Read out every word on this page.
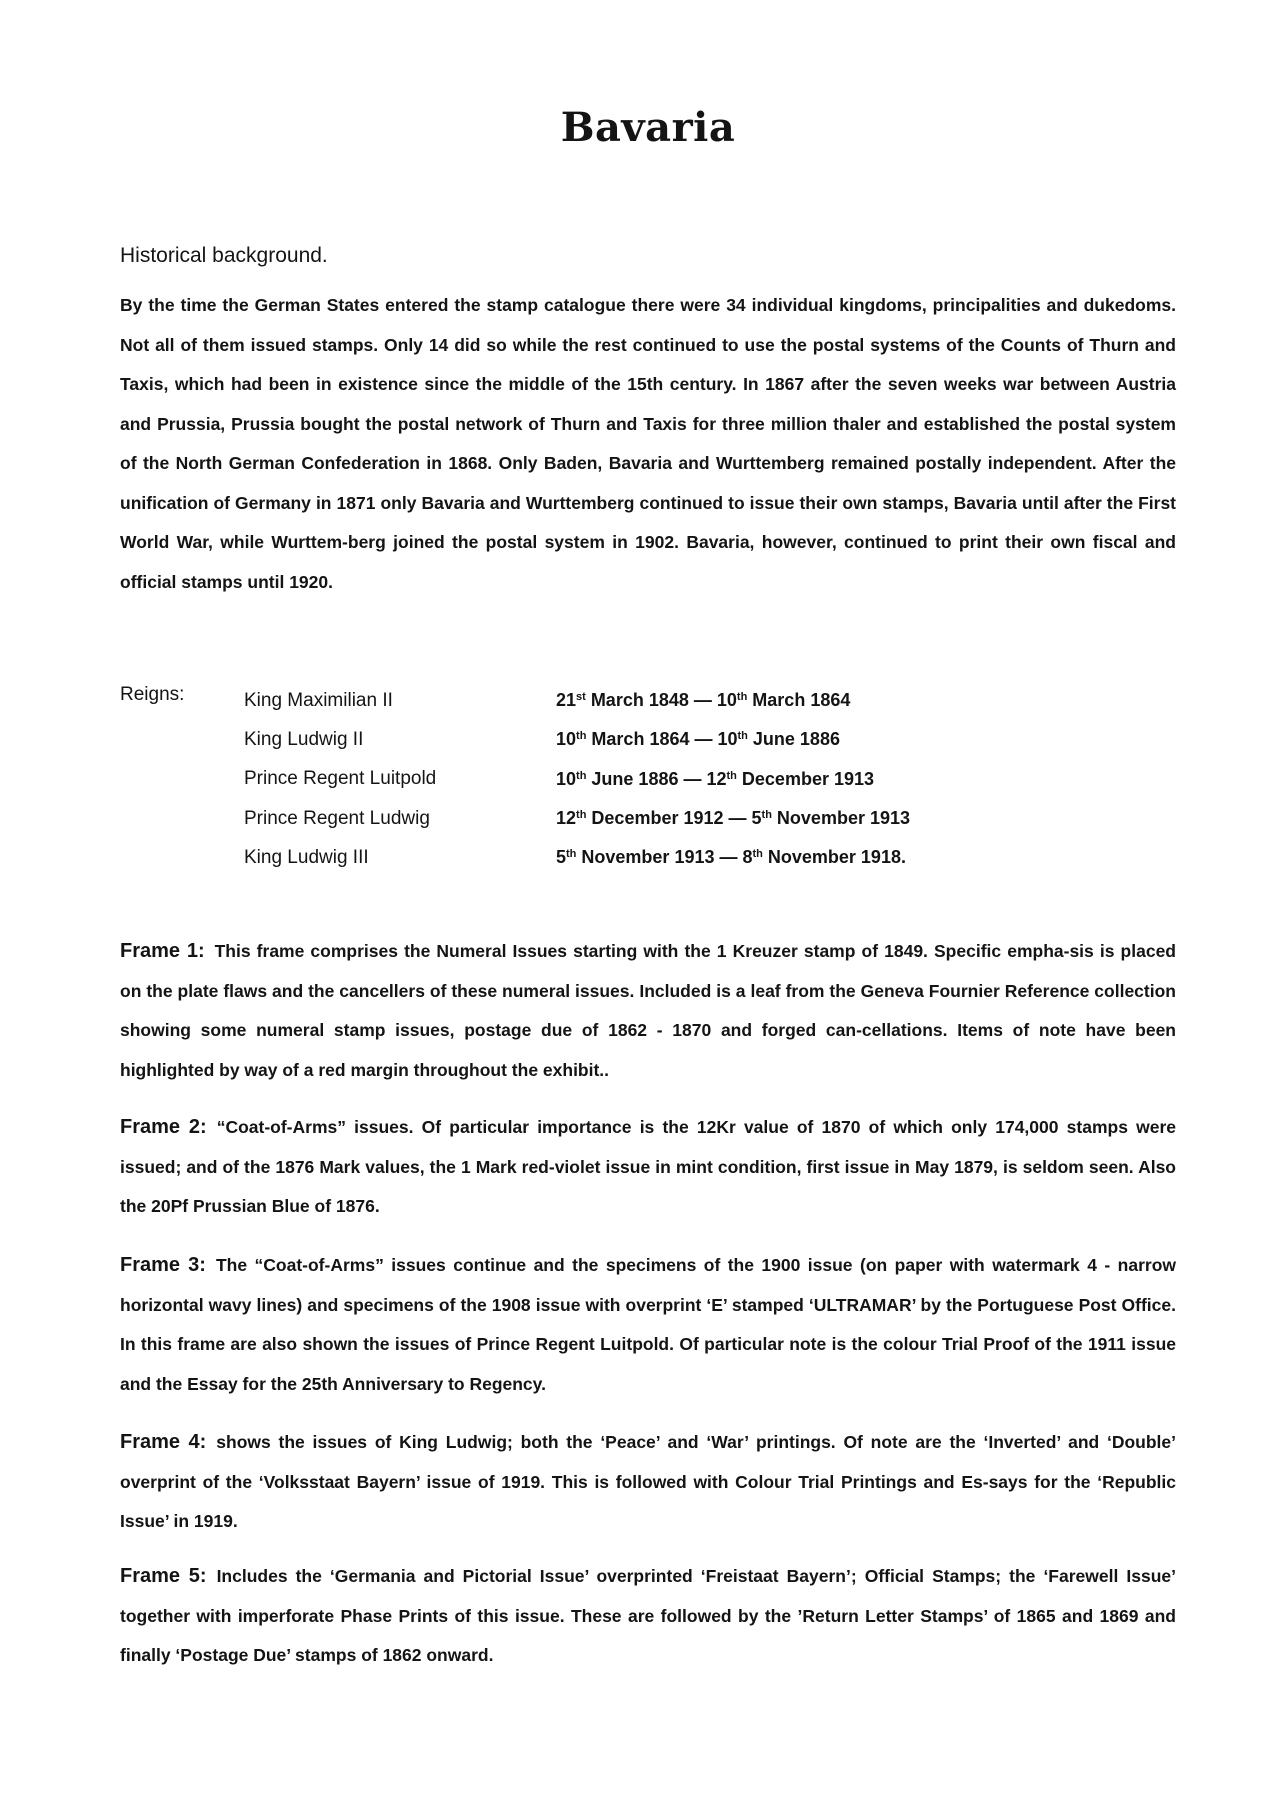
Bavaria
Historical background.

By the time the German States entered the stamp catalogue there were 34 individual kingdoms, principalities and dukedoms. Not all of them issued stamps. Only 14 did so while the rest continued to use the postal systems of the Counts of Thurn and Taxis, which had been in existence since the middle of the 15th century. In 1867 after the seven weeks war between Austria and Prussia, Prussia bought the postal network of Thurn and Taxis for three million thaler and established the postal system of the North German Confederation in 1868. Only Baden, Bavaria and Wurttemberg remained postally independent. After the unification of Germany in 1871 only Bavaria and Wurttemberg continued to issue their own stamps, Bavaria until after the First World War, while Wurttem-berg joined the postal system in 1902. Bavaria, however, continued to print their own fiscal and official stamps until 1920.

Reigns:	King Maximilian II	21st March 1848 — 10th March 1864
King Ludwig II	10th March 1864 — 10th June 1886
Prince Regent Luitpold	10th June 1886 — 12th December 1913
Prince Regent Ludwig	12th December 1912 — 5th November 1913
King Ludwig III	5th November 1913 — 8th November 1918.

Frame 1: This frame comprises the Numeral Issues starting with the 1 Kreuzer stamp of 1849. Specific empha-sis is placed on the plate flaws and the cancellers of these numeral issues. Included is a leaf from the Geneva Fournier Reference collection showing some numeral stamp issues, postage due of 1862 - 1870 and forged can-cellations. Items of note have been highlighted by way of a red margin throughout the exhibit..

Frame 2: “Coat-of-Arms” issues. Of particular importance is the 12Kr value of 1870 of which only 174,000 stamps were issued; and of the 1876 Mark values, the 1 Mark red-violet issue in mint condition, first issue in May 1879, is seldom seen. Also the 20Pf Prussian Blue of 1876.

Frame 3: The “Coat-of-Arms” issues continue and the specimens of the 1900 issue (on paper with watermark 4 - narrow horizontal wavy lines) and specimens of the 1908 issue with overprint ‘E’ stamped ‘ULTRAMAR’ by the Portuguese Post Office. In this frame are also shown the issues of Prince Regent Luitpold. Of particular note is the colour Trial Proof of the 1911 issue and the Essay for the 25th Anniversary to Regency.

Frame 4: shows the issues of King Ludwig; both the ‘Peace’ and ‘War’ printings. Of note are the ‘Inverted’ and ‘Double’ overprint of the ‘Volksstaat Bayern’ issue of 1919. This is followed with Colour Trial Printings and Es-says for the ‘Republic Issue’ in 1919.

Frame 5: Includes the ‘Germania and Pictorial Issue’ overprinted ‘Freistaat Bayern’; Official Stamps; the ‘Farewell Issue’ together with imperforate Phase Prints of this issue. These are followed by the ’Return Letter Stamps’ of 1865 and 1869 and finally ‘Postage Due’ stamps of 1862 onward.
